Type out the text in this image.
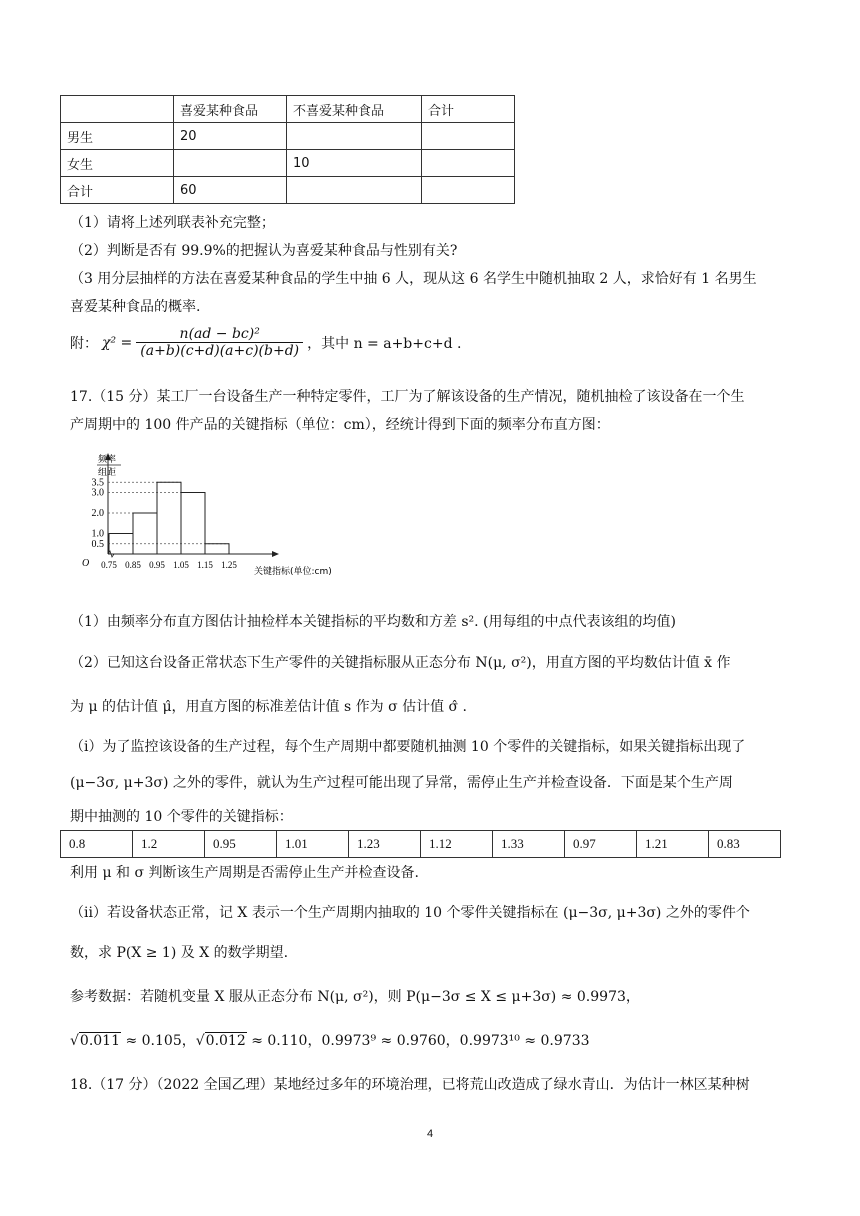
	喜爱某种食品	不喜爱某种食品	合计
男生	20		
女生		10	
合计	60		
（1）请将上述列联表补充完整；
（2）判断是否有 99.9%的把握认为喜爱某种食品与性别有关?
（3 用分层抽样的方法在喜爱某种食品的学生中抽 6 人，现从这 6 名学生中随机抽取 2 人，求恰好有 1 名男生
喜爱某种食品的概率.
附： $\chi^2 = \frac{\text{n(ad − bc)²}}{(a+b)(c+d)(a+c)(b+d)}$ ，其中 n = a+b+c+d .
17.（15 分）某工厂一台设备生产一种特定零件，工厂为了解该设备的生产情况，随机抽检了该设备在一个生
产周期中的 100 件产品的关键指标（单位：cm），经统计得到下面的频率分布直方图：
频率
组距
O
关键指标(单位:cm)
0.5
1.0
2.0
3.0
3.5
0.75 0.85 0.95 1.05 1.15 1.25
（1）由频率分布直方图估计抽检样本关键指标的平均数和方差 s². (用每组的中点代表该组的均值)
（2）已知这台设备正常状态下生产零件的关键指标服从正态分布 N(μ, σ²)，用直方图的平均数估计值 x̄ 作
为 μ 的估计值 μ̂，用直方图的标准差估计值 s 作为 σ 估计值 σ̂ .
（i）为了监控该设备的生产过程，每个生产周期中都要随机抽测 10 个零件的关键指标，如果关键指标出现了
(μ−3σ, μ+3σ) 之外的零件，就认为生产过程可能出现了异常，需停止生产并检查设备．下面是某个生产周
期中抽测的 10 个零件的关键指标：
0.8	1.2	0.95	1.01	1.23	1.12	1.33	0.97	1.21	0.83
利用 μ 和 σ 判断该生产周期是否需停止生产并检查设备.
（ii）若设备状态正常，记 X 表示一个生产周期内抽取的 10 个零件关键指标在 (μ−3σ, μ+3σ) 之外的零件个
数，求 P(X ≥ 1) 及 X 的数学期望.
参考数据：若随机变量 X 服从正态分布 N(μ, σ²)，则 P(μ−3σ ≤ X ≤ μ+3σ) ≈ 0.9973，
√0.011 ≈ 0.105，√0.012 ≈ 0.110，0.9973⁹ ≈ 0.9760，0.9973¹⁰ ≈ 0.9733
18.（17 分）（2022 全国乙理）某地经过多年的环境治理，已将荒山改造成了绿水青山．为估计一林区某种树
4
